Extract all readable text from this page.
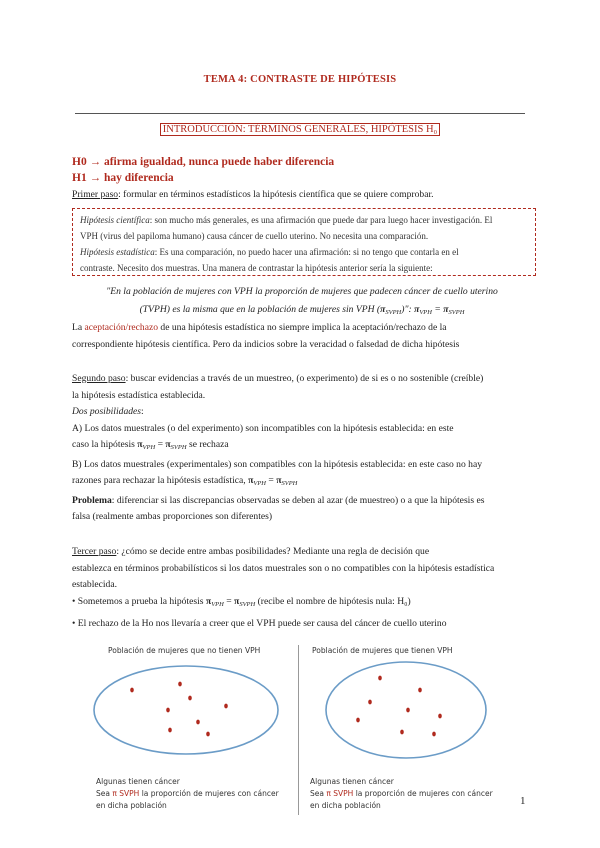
TEMA 4: CONTRASTE DE HIPÓTESIS
INTRODUCCIÓN: TÉRMINOS GENERALES, HIPÓTESIS H₀
H0 → afirma igualdad, nunca puede haber diferencia
H1 → hay diferencia
Primer paso: formular en términos estadísticos la hipótesis científica que se quiere comprobar.
Hipótesis científica: son mucho más generales, es una afirmación que puede dar para luego hacer investigación. El
VPH (virus del papiloma humano) causa cáncer de cuello uterino. No necesita una comparación.
Hipótesis estadística: Es una comparación, no puedo hacer una afirmación: si no tengo que contarla en el
contraste. Necesito dos muestras. Una manera de contrastar la hipótesis anterior sería la siguiente:
"En la población de mujeres con VPH la proporción de mujeres que padecen cáncer de cuello uterino
(TVPH) es la misma que en la población de mujeres sin VPH $(\pi_{SVPH})$": $\pi_{VPH} = \pi_{SVPH}$
La aceptación/rechazo de una hipótesis estadística no siempre implica la aceptación/rechazo de la
correspondiente hipótesis científica. Pero da indicios sobre la veracidad o falsedad de dicha hipótesis
Segundo paso: buscar evidencias a través de un muestreo, (o experimento) de si es o no sostenible (creíble)
la hipótesis estadística establecida.
Dos posibilidades:
A) Los datos muestrales (o del experimento) son incompatibles con la hipótesis establecida: en este
caso la hipótesis $\pi_{VPH} = \pi_{SVPH}$ se rechaza
B) Los datos muestrales (experimentales) son compatibles con la hipótesis establecida: en este caso no hay
razones para rechazar la hipótesis estadística, $\pi_{VPH} = \pi_{SVPH}$
Problema: diferenciar si las discrepancias observadas se deben al azar (de muestreo) o a que la hipótesis es
falsa (realmente ambas proporciones son diferentes)
Tercer paso: ¿cómo se decide entre ambas posibilidades? Mediante una regla de decisión que
establezca en términos probabilísticos si los datos muestrales son o no compatibles con la hipótesis estadística
establecida.
• Sometemos a prueba la hipótesis $\pi_{VPH} = \pi_{SVPH}$ (recibe el nombre de hipótesis nula: H₀)
• El rechazo de la Ho nos llevaría a creer que el VPH puede ser causa del cáncer de cuello uterino
Población de mujeres que no tienen VPH	Población de mujeres que tienen VPH
Algunas tienen cáncer
Sea π SVPH la proporción de mujeres con cáncer
en dicha población
Algunas tienen cáncer
Sea π SVPH la proporción de mujeres con cáncer
en dicha población	1
